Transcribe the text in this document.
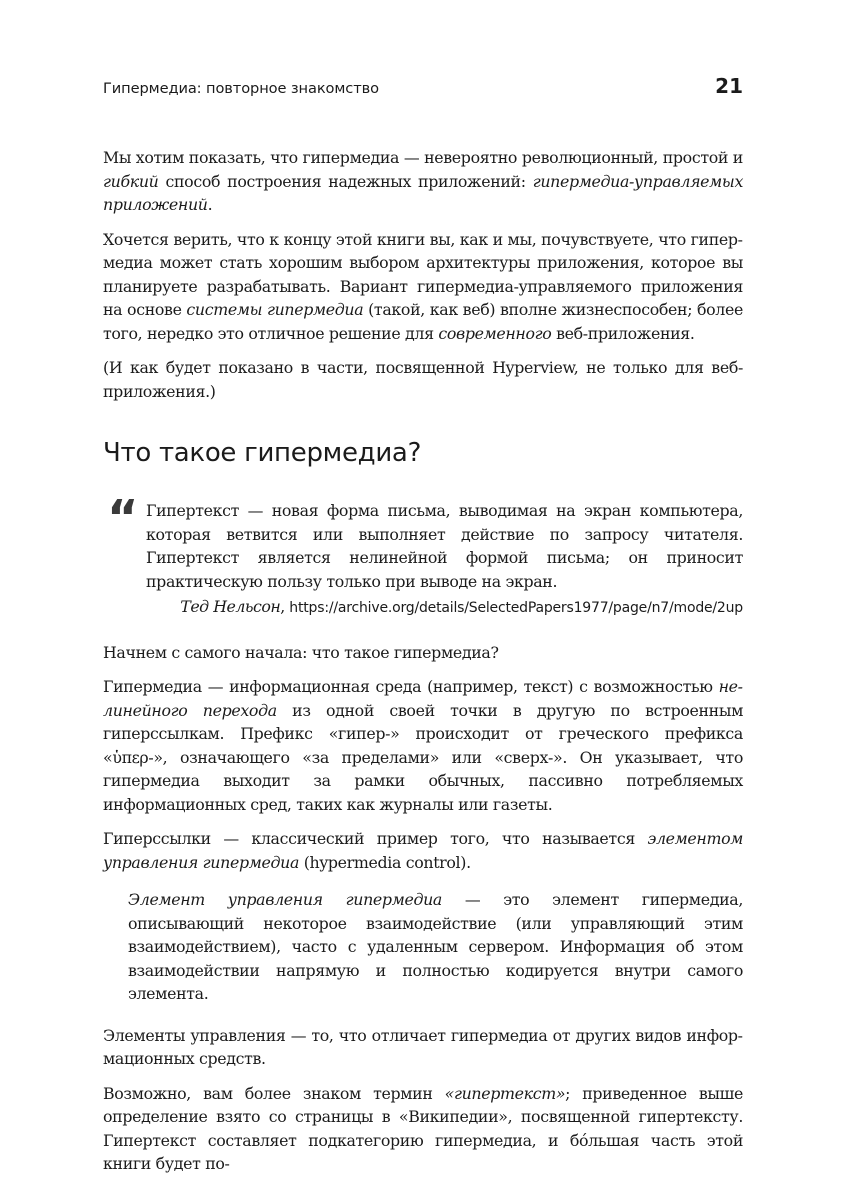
Гипермедиа: повторное знакомство	21

Мы хотим показать, что гипермедиа — невероятно революционный, простой и гибкий способ построения надежных приложений: гипермедиа-управляемых приложений.

Хочется верить, что к концу этой книги вы, как и мы, почувствуете, что гипермедиа может стать хорошим выбором архитектуры приложения, которое вы планируете разрабатывать. Вариант гипермедиа-управляемого приложения на основе системы гипермедиа (такой, как веб) вполне жизнеспособен; более того, нередко это отличное решение для современного веб-приложения.

(И как будет показано в части, посвященной Hyperview, не только для веб-приложения.)

Что такое гипермедиа?
“ Гипертекст — новая форма письма, выводимая на экран компьютера, которая ветвится или выполняет действие по запросу читателя. Гипертекст является нелинейной формой письма; он приносит практическую пользу только при выводе на экран.

Тед Нельсон, https://archive.org/details/SelectedPapers1977/page/n7/mode/2up

Начнем с самого начала: что такое гипермедиа?

Гипермедиа — информационная среда (например, текст) с возможностью нелинейного перехода из одной своей точки в другую по встроенным гиперссылкам. Префикс «гипер-» происходит от греческого префикса «ὑπερ-», означающего «за пределами» или «сверх-». Он указывает, что гипермедиа выходит за рамки обычных, пассивно потребляемых информационных сред, таких как журналы или газеты.

Гиперссылки — классический пример того, что называется элементом управления гипермедиа (hypermedia control).

Элемент управления гипермедиа — это элемент гипермедиа, описывающий некоторое взаимодействие (или управляющий этим взаимодействием), часто с удаленным сервером. Информация об этом взаимодействии напрямую и полностью кодируется внутри самого элемента.

Элементы управления — то, что отличает гипермедиа от других видов информационных средств.

Возможно, вам более знаком термин «гипертекст»; приведенное выше определение взято со страницы в «Википедии», посвященной гипертексту. Гипертекст составляет подкатегорию гипермедиа, и бóльшая часть этой книги будет по-
